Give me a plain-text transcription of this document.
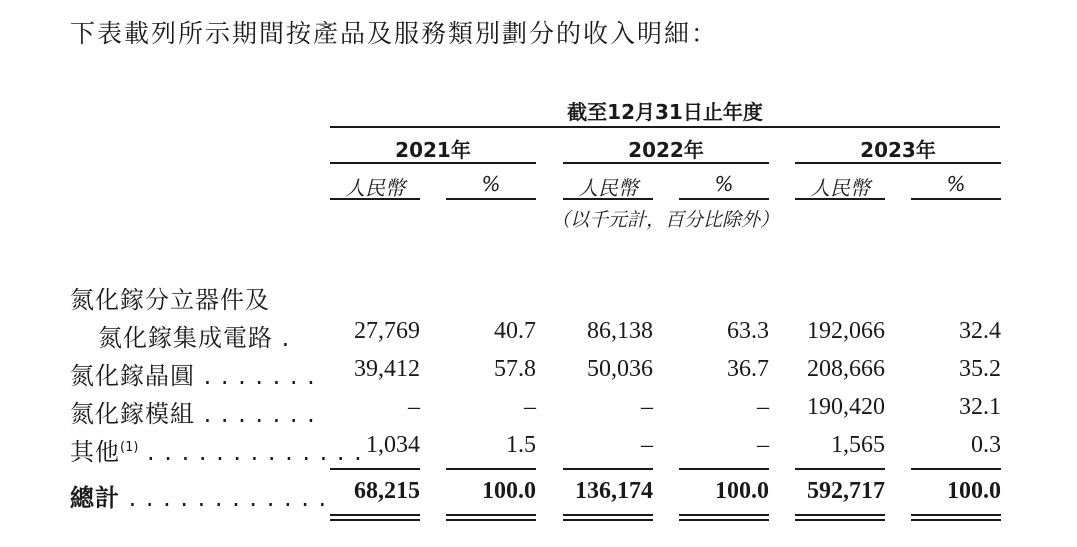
下表載列所示期間按產品及服務類別劃分的收入明細：
截至12月31日止年度
2021年	2022年	2023年
人民幣	%	人民幣	%	人民幣	%
（以千元計，百分比除外）
氮化鎵分立器件及
氮化鎵集成電路 .	27,769	40.7 86,138	63.3 192,066	32.4
氮化鎵晶圓 . . . . . . . 39,412	57.8 50,036	36.7 208,666	35.2
氮化鎵模組 . . . . . . .	–	–	–	– 190,420	32.1
其他$^{(1)}$ . . . . . . . . . . . . . 1,034	1.5	–	–	1,565	0.3
總計 . . . . . . . . . . . . 68,215	100.0 136,174	100.0 592,717	100.0
